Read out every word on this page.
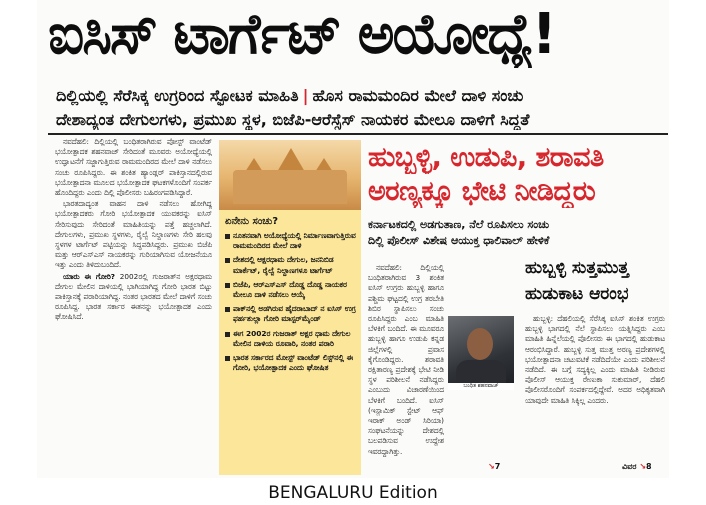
ಐಸಿಸ್ ಟಾರ್ಗೆಟ್ ಅಯೋಧ್ಯೆ!
ದಿಲ್ಲಿಯಲ್ಲಿ ಸೆರೆಸಿಕ್ಕ ಉಗ್ರರಿಂದ ಸ್ಫೋಟಕ ಮಾಹಿತಿ | ಹೊಸ ರಾಮಮಂದಿರ ಮೇಲೆ ದಾಳಿ ಸಂಚು
ದೇಶಾದ್ಯಂತ ದೇಗುಲಗಳು, ಪ್ರಮುಖ ಸ್ಥಳ, ಬಿಜೆಪಿ-ಆರೆಸ್ಸೆಸ್ ನಾಯಕರ ಮೇಲೂ ದಾಳಿಗೆ ಸಿದ್ಧತೆ

ನವದೆಹಲಿ: ದಿಲ್ಲಿಯಲ್ಲಿ ಬಂಧಿತರಾಗಿರುವ ಪೋಸ್ಟ್ ವಾಂಟೆಡ್ ಭಯೋತ್ಪಾದಕ ಶಹನವಾಜ್ ಸೇರಿದಂತೆ ಮೂವರು ಅಯೋಧ್ಯೆಯಲ್ಲಿ ಉದ್ಘಾಟನೆಗೆ ಸಜ್ಜಾಗುತ್ತಿರುವ ರಾಮಮಂದಿರದ ಮೇಲೆ ದಾಳಿ ನಡೆಸಲು ಸಂಚು ರೂಪಿಸಿದ್ದರು. ಈ ಶಂಕಿತ ಹ್ಯಾಂಡ್ಲರ್ ಪಾಕಿಸ್ತಾನದಲ್ಲಿರುವ ಭಯೋತ್ಪಾದನಾ ಮೂಲದ ಭಯೋತ್ಪಾದಕ ಘಟಕಗಳೊಂದಿಗೆ ಸಂಪರ್ಕ ಹೊಂದಿದ್ದರು ಎಂದು ದಿಲ್ಲಿ ಪೊಲೀಸರು ಬಹಿರಂಗಪಡಿಸಿದ್ದಾರೆ.

ಭಾರತದಾದ್ಯಂತ ವಾಹನ ದಾಳಿ ನಡೆಸಲು ಹೋಗಿದ್ದ ಭಯೋತ್ಪಾದಕರು ಗೋರಿ ಭಯೋತ್ಪಾದಕ ಯುವಕರನ್ನು ಐಸಿಸ್ ಸೇರಿಸುವುದು ಸೇರಿದಂತೆ ಮಾಹಿತಿಯನ್ನು ಪತ್ತೆ ಹಚ್ಚಲಾಗಿದೆ. ದೇಗುಲಗಳು, ಪ್ರಮುಖ ಸ್ಥಳಗಳು, ರೈಲ್ವೆ ನಿಲ್ದಾಣಗಳು ಸೇರಿ ಹಲವು ಸ್ಥಳಗಳ ಟಾರ್ಗೆಟ್ ಪಟ್ಟಿಯನ್ನು ಸಿದ್ಧಪಡಿಸಿದ್ದರು. ಪ್ರಮುಖ ಬಿಜೆಪಿ ಮತ್ತು ಆರ್‌ಎಸ್‌ಎಸ್ ನಾಯಕರನ್ನು ಗುರಿಯಾಗಿಸುವ ಯೋಜನೆಯೂ ಇತ್ತು ಎಂದು ತಿಳಿದುಬಂದಿದೆ.

ಯಾರು ಈ ಗೋರಿ? 2002ರಲ್ಲಿ ಗುಜರಾತ್‌ನ ಅಕ್ಷರಧಾಮ ದೇಗುಲ ಮೇಲಿನ ದಾಳಿಯಲ್ಲಿ ಭಾಗಿಯಾಗಿದ್ದ ಗೋರಿ ಭಾರತ ಬಿಟ್ಟು ಪಾಕಿಸ್ತಾನಕ್ಕೆ ಪರಾರಿಯಾಗಿದ್ದ. ನಂತರ ಭಾರತದ ಮೇಲೆ ದಾಳಿಗೆ ಸಂಚು ರೂಪಿಸಿದ್ದ. ಭಾರತ ಸರ್ಕಾರ ಈತನನ್ನು ಭಯೋತ್ಪಾದಕ ಎಂದು ಘೋಷಿಸಿದೆ.

ಏನೇನು ಸಂಚು?
ನೂತನವಾಗಿ ಅಯೋಧ್ಯೆಯಲ್ಲಿ ನಿರ್ಮಾಣವಾಗುತ್ತಿರುವ ರಾಮಮಂದಿರದ ಮೇಲೆ ದಾಳಿ
ದೇಶದಲ್ಲಿ ಆಕ್ಷರಧಾಮ ದೇಗುಲ, ಜನನಿಬಿಡ ಮಾರ್ಕೆಟ್, ರೈಲ್ವೆ ನಿಲ್ದಾಣಗಳೂ ಟಾರ್ಗೆಟ್
ಬಿಜೆಪಿ, ಆರ್‌ಎಸ್‌ಎಸ್ ದೊಡ್ಡ ದೊಡ್ಡ ನಾಯಕರ ಮೇಲೂ ದಾಳಿ ನಡೆಸಲು ಆಯ್ಕೆ
ಪಾಕ್‌ನಲ್ಲಿ ಅಡಗಿರುವ ಹೈದರಾಬಾದ್ ನ ಐಸಿಸ್ ಉಗ್ರ ಫರ್ಹತುಲ್ಲಾ ಗೋರಿ ಮಾಸ್ಟರ್‌ಮೈಂಡ್
ಈಗ 2002ರ ಗುಜರಾತ್ ಅಕ್ಷರ ಧಾಮ ದೇಗುಲ ಮೇಲಿನ ದಾಳಿಯ ರೂವಾರಿ, ನಂತರ ಪರಾರಿ
ಭಾರತ ಸರ್ಕಾರದ ಮೋಸ್ಟ್ ವಾಂಟೆಡ್ ಲಿಸ್ಟ್‌ನಲ್ಲಿ ಈ ಗೋರಿ, ಭಯೋತ್ಪಾದಕ ಎಂದು ಘೋಷಿತ
ಹುಬ್ಬಳ್ಳಿ, ಉಡುಪಿ, ಶರಾವತಿ
ಅರಣ್ಯಕ್ಕೂ ಭೇಟಿ ನೀಡಿದ್ದರು
ಕರ್ನಾಟಕದಲ್ಲಿ ಅಡಗುತಾಣ, ನೆಲೆ ರೂಪಿಸಲು ಸಂಚು
ದಿಲ್ಲಿ ಪೊಲೀಸ್ ವಿಶೇಷ ಆಯುಕ್ತ ಧಾಲಿವಾಲ್ ಹೇಳಿಕೆ

ನವದೆಹಲಿ: ದಿಲ್ಲಿಯಲ್ಲಿ ಬಂಧಿತರಾಗಿರುವ 3 ಶಂಕಿತ ಐಸಿಸ್ ಉಗ್ರರು ಹುಬ್ಬಳ್ಳಿ ಹಾಗೂ ಪಶ್ಚಿಮ ಘಟ್ಟದಲ್ಲಿ ಉಗ್ರ ತರಬೇತಿ ಶಿಬಿರ ಸ್ಥಾಪಿಸಲು ಸಂಚು ರೂಪಿಸಿದ್ದರು ಎಂಬ ಮಾಹಿತಿ ಬೆಳಕಿಗೆ ಬಂದಿದೆ. ಈ ಮೂವರೂ ಹುಬ್ಬಳ್ಳಿ ಹಾಗೂ ಉಡುಪಿ ಕನ್ನಡ ಜಿಲ್ಲೆಗಳಲ್ಲಿ ಪ್ರವಾಸ ಕೈಗೊಂಡಿದ್ದರು. ಶರಾವತಿ ರಕ್ಷಿತಾರಣ್ಯ ಪ್ರದೇಶಕ್ಕೆ ಭೇಟಿ ನೀಡಿ ಸ್ಥಳ ಪರಿಶೀಲನೆ ನಡೆಸಿದ್ದರು ಎಂಬುದು ವಿಚಾರಣೆಯಿಂದ ಬೆಳಕಿಗೆ ಬಂದಿದೆ. ಐಸಿಸ್ (ಇಸ್ಲಾಮಿಕ್ ಸ್ಟೇಟ್ ಆಫ್ ಇರಾಕ್ ಅಂಡ್ ಸಿರಿಯಾ) ಸಂಘಟನೆಯನ್ನು ದೇಶದಲ್ಲಿ ಬಲಪಡಿಸುವ ಉದ್ದೇಶ ಇವರದ್ದಾಗಿತ್ತು.

ಬಂಧಿತ ಶಹನವಾಜ್
ಹುಬ್ಬಳ್ಳಿ ಸುತ್ತಮುತ್ತ
ಹುಡುಕಾಟ ಆರಂಭ

ಹುಬ್ಬಳ್ಳಿ: ದೆಹಲಿಯಲ್ಲಿ ಸೆರೆಸಿಕ್ಕ ಐಸಿಸ್ ಶಂಕಿತ ಉಗ್ರರು ಹುಬ್ಬಳ್ಳಿ ಭಾಗದಲ್ಲಿ ನೆಲೆ ಸ್ಥಾಪಿಸಲು ಯತ್ನಿಸಿದ್ದರು ಎಂಬ ಮಾಹಿತಿ ಹಿನ್ನೆಲೆಯಲ್ಲಿ ಪೊಲೀಸರು ಈ ಭಾಗದಲ್ಲಿ ಹುಡುಕಾಟ ಆರಂಭಿಸಿದ್ದಾರೆ. ಹುಬ್ಬಳ್ಳಿ ಸುತ್ತ ಮುತ್ತ ಅರಣ್ಯ ಪ್ರದೇಶಗಳಲ್ಲಿ ಭಯೋತ್ಪಾದನಾ ಚಟುವಟಿಕೆ ನಡೆದಿದೆಯೇ ಎಂದು ಪರಿಶೀಲನೆ ನಡೆದಿದೆ. ಈ ಬಗ್ಗೆ ಸದ್ಯಕ್ಕಿಲ್ಲ ಎಂದು ಮಾಹಿತಿ ನೀಡಿರುವ ಪೊಲೀಸ್ ಆಯುಕ್ತ ರೇಣುಕಾ ಸುಕುಮಾರ್, ದೆಹಲಿ ಪೊಲೀಸರೊಂದಿಗೆ ಸಂಪರ್ಕದಲ್ಲಿದ್ದೇವೆ. ಅದರ ಅಧಿಕೃತವಾಗಿ ಯಾವುದೇ ಮಾಹಿತಿ ಸಿಕ್ಕಿಲ್ಲ ಎಂದರು.

↘7	ವಿವರ ↘8
BENGALURU Edition
